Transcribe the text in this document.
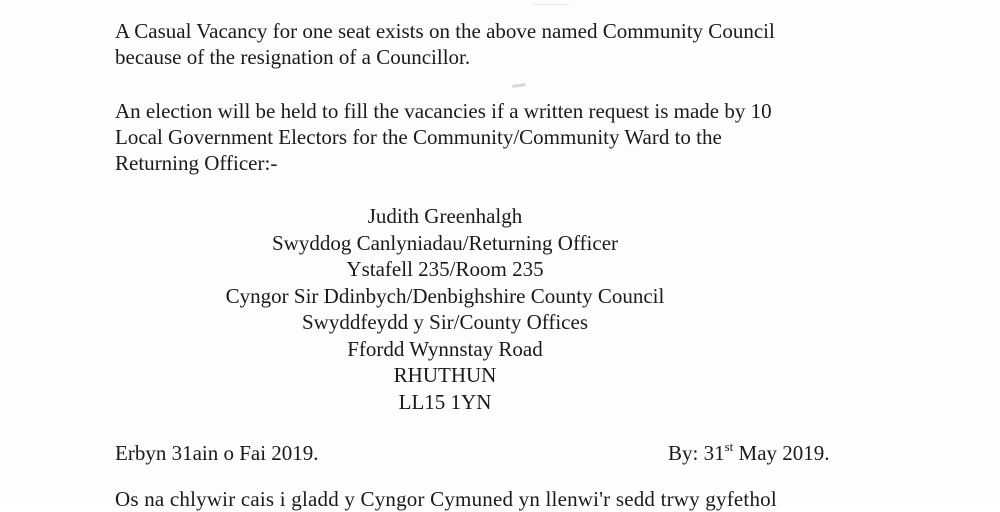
A Casual Vacancy for one seat exists on the above named Community Council
because of the resignation of a Councillor.

An election will be held to fill the vacancies if a written request is made by 10
Local Government Electors for the Community/Community Ward to the
Returning Officer:-

Judith Greenhalgh
Swyddog Canlyniadau/Returning Officer
Ystafell 235/Room 235
Cyngor Sir Ddinbych/Denbighshire County Council
Swyddfeydd y Sir/County Offices
Ffordd Wynnstay Road
RHUTHUN
LL15 1YN
Erbyn 31ain o Fai 2019.	By: 31st May 2019.
Os na chlywir cais i gladd y Cyngor Cymuned yn llenwi'r sedd trwy gyfethol
